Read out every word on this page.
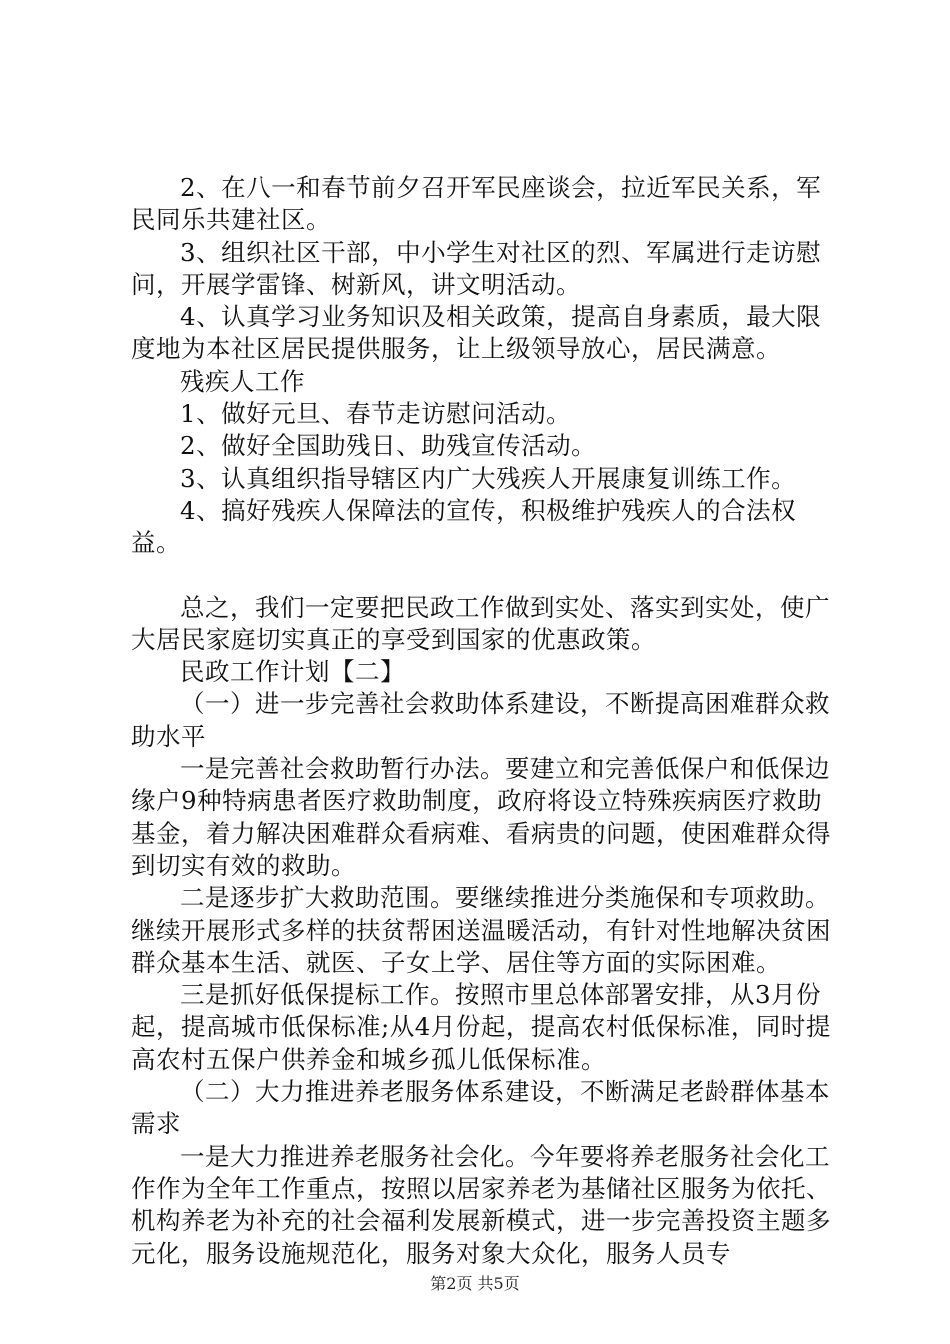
2、在八一和春节前夕召开军民座谈会，拉近军民关系，军民同乐共建社区。

3、组织社区干部，中小学生对社区的烈、军属进行走访慰问，开展学雷锋、树新风，讲文明活动。

4、认真学习业务知识及相关政策，提高自身素质，最大限度地为本社区居民提供服务，让上级领导放心，居民满意。

残疾人工作

1、做好元旦、春节走访慰问活动。

2、做好全国助残日、助残宣传活动。

3、认真组织指导辖区内广大残疾人开展康复训练工作。

4、搞好残疾人保障法的宣传，积极维护残疾人的合法权益。

总之，我们一定要把民政工作做到实处、落实到实处，使广大居民家庭切实真正的享受到国家的优惠政策。

民政工作计划【二】

（一）进一步完善社会救助体系建设，不断提高困难群众救助水平

一是完善社会救助暂行办法。要建立和完善低保户和低保边缘户9种特病患者医疗救助制度，政府将设立特殊疾病医疗救助基金，着力解决困难群众看病难、看病贵的问题，使困难群众得到切实有效的救助。

二是逐步扩大救助范围。要继续推进分类施保和专项救助。继续开展形式多样的扶贫帮困送温暖活动，有针对性地解决贫困群众基本生活、就医、子女上学、居住等方面的实际困难。

三是抓好低保提标工作。按照市里总体部署安排，从3月份起，提高城市低保标准;从4月份起，提高农村低保标准，同时提高农村五保户供养金和城乡孤儿低保标准。

（二）大力推进养老服务体系建设，不断满足老龄群体基本需求

一是大力推进养老服务社会化。今年要将养老服务社会化工作作为全年工作重点，按照以居家养老为基储社区服务为依托、机构养老为补充的社会福利发展新模式，进一步完善投资主题多元化，服务设施规范化，服务对象大众化，服务人员专

第2页 共5页
